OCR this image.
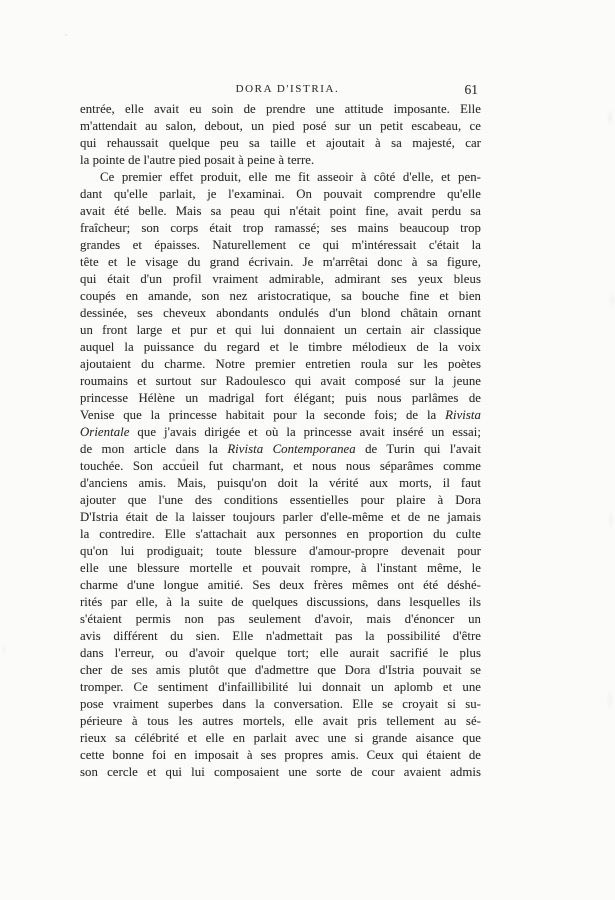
DORA D'ISTRIA.	61
entrée, elle avait eu soin de prendre une attitude imposante. Elle
m'attendait au salon, debout, un pied posé sur un petit escabeau, ce
qui rehaussait quelque peu sa taille et ajoutait à sa majesté, car
la pointe de l'autre pied posait à peine à terre.
Ce premier effet produit, elle me fit asseoir à côté d'elle, et pen-
dant qu'elle parlait, je l'examinai. On pouvait comprendre qu'elle
avait été belle. Mais sa peau qui n'était point fine, avait perdu sa
fraîcheur; son corps était trop ramassé; ses mains beaucoup trop
grandes et épaisses. Naturellement ce qui m'intéressait c'était la
tête et le visage du grand écrivain. Je m'arrêtai donc à sa figure,
qui était d'un profil vraiment admirable, admirant ses yeux bleus
coupés en amande, son nez aristocratique, sa bouche fine et bien
dessinée, ses cheveux abondants ondulés d'un blond châtain ornant
un front large et pur et qui lui donnaient un certain air classique
auquel la puissance du regard et le timbre mélodieux de la voix
ajoutaient du charme. Notre premier entretien roula sur les poètes
roumains et surtout sur Radoulesco qui avait composé sur la jeune
princesse Hélène un madrigal fort élégant; puis nous parlâmes de
Venise que la princesse habitait pour la seconde fois; de la Rivista
Orientale que j'avais dirigée et où la princesse avait inséré un essai;
de mon article dans la Rivista Contemporanea de Turin qui l'avait
touchée. Son accueil fut charmant, et nous nous séparâmes comme
d'anciens amis. Mais, puisqu'on doit la vérité aux morts, il faut
ajouter que l'une des conditions essentielles pour plaire à Dora
D'Istria était de la laisser toujours parler d'elle-même et de ne jamais
la contredire. Elle s'attachait aux personnes en proportion du culte
qu'on lui prodiguait; toute blessure d'amour-propre devenait pour
elle une blessure mortelle et pouvait rompre, à l'instant même, le
charme d'une longue amitié. Ses deux frères mêmes ont été déshé-
rités par elle, à la suite de quelques discussions, dans lesquelles ils
s'étaient permis non pas seulement d'avoir, mais d'énoncer un
avis différent du sien. Elle n'admettait pas la possibilité d'être
dans l'erreur, ou d'avoir quelque tort; elle aurait sacrifié le plus
cher de ses amis plutôt que d'admettre que Dora d'Istria pouvait se
tromper. Ce sentiment d'infaillibilité lui donnait un aplomb et une
pose vraiment superbes dans la conversation. Elle se croyait si su-
périeure à tous les autres mortels, elle avait pris tellement au sé-
rieux sa célébrité et elle en parlait avec une si grande aisance que
cette bonne foi en imposait à ses propres amis. Ceux qui étaient de
son cercle et qui lui composaient une sorte de cour avaient admis
